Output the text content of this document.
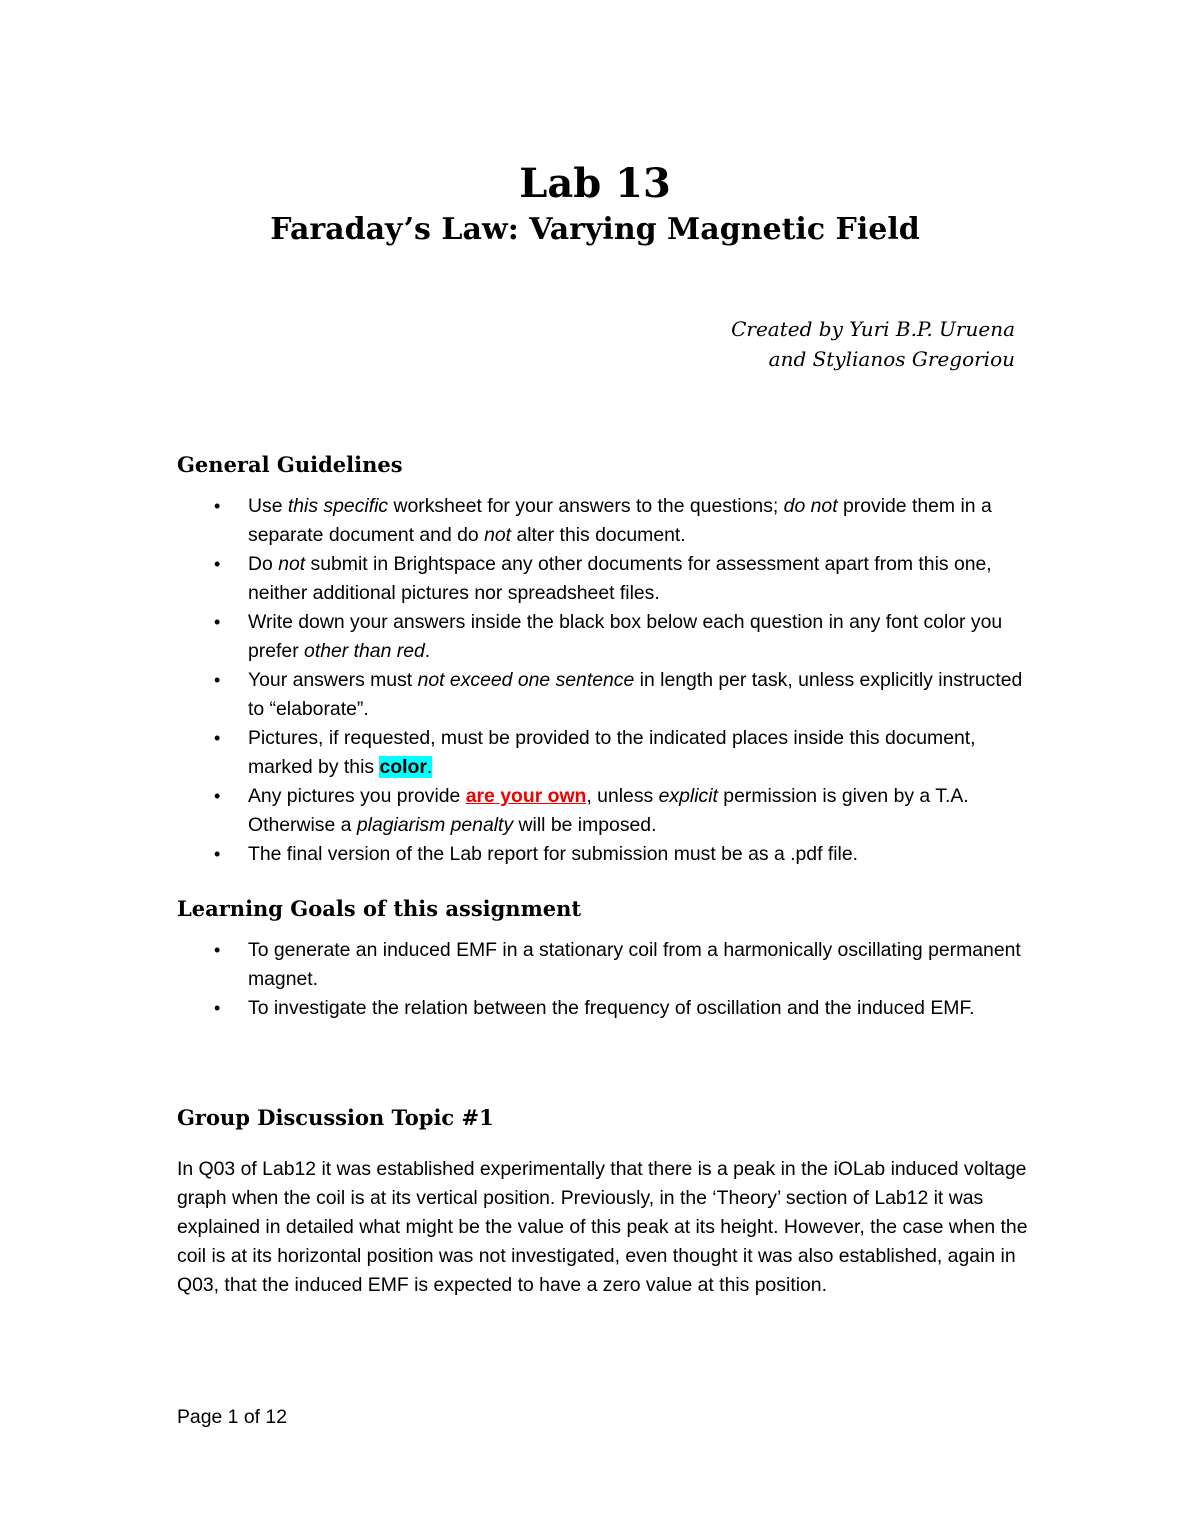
Lab 13
Faraday’s Law: Varying Magnetic Field
Created by Yuri B.P. Uruena
and Stylianos Gregoriou
General Guidelines
• Use this specific worksheet for your answers to the questions; do not provide them in a separate document and do not alter this document.
• Do not submit in Brightspace any other documents for assessment apart from this one, neither additional pictures nor spreadsheet files.
• Write down your answers inside the black box below each question in any font color you prefer other than red.
• Your answers must not exceed one sentence in length per task, unless explicitly instructed to “elaborate”.
• Pictures, if requested, must be provided to the indicated places inside this document, marked by this color.
• Any pictures you provide are your own, unless explicit permission is given by a T.A. Otherwise a plagiarism penalty will be imposed.
• The final version of the Lab report for submission must be as a .pdf file.
Learning Goals of this assignment
• To generate an induced EMF in a stationary coil from a harmonically oscillating permanent magnet.
• To investigate the relation between the frequency of oscillation and the induced EMF.
Group Discussion Topic #1

In Q03 of Lab12 it was established experimentally that there is a peak in the iOLab induced voltage graph when the coil is at its vertical position. Previously, in the ‘Theory’ section of Lab12 it was explained in detailed what might be the value of this peak at its height. However, the case when the coil is at its horizontal position was not investigated, even thought it was also established, again in Q03, that the induced EMF is expected to have a zero value at this position.

Page 1 of 12
